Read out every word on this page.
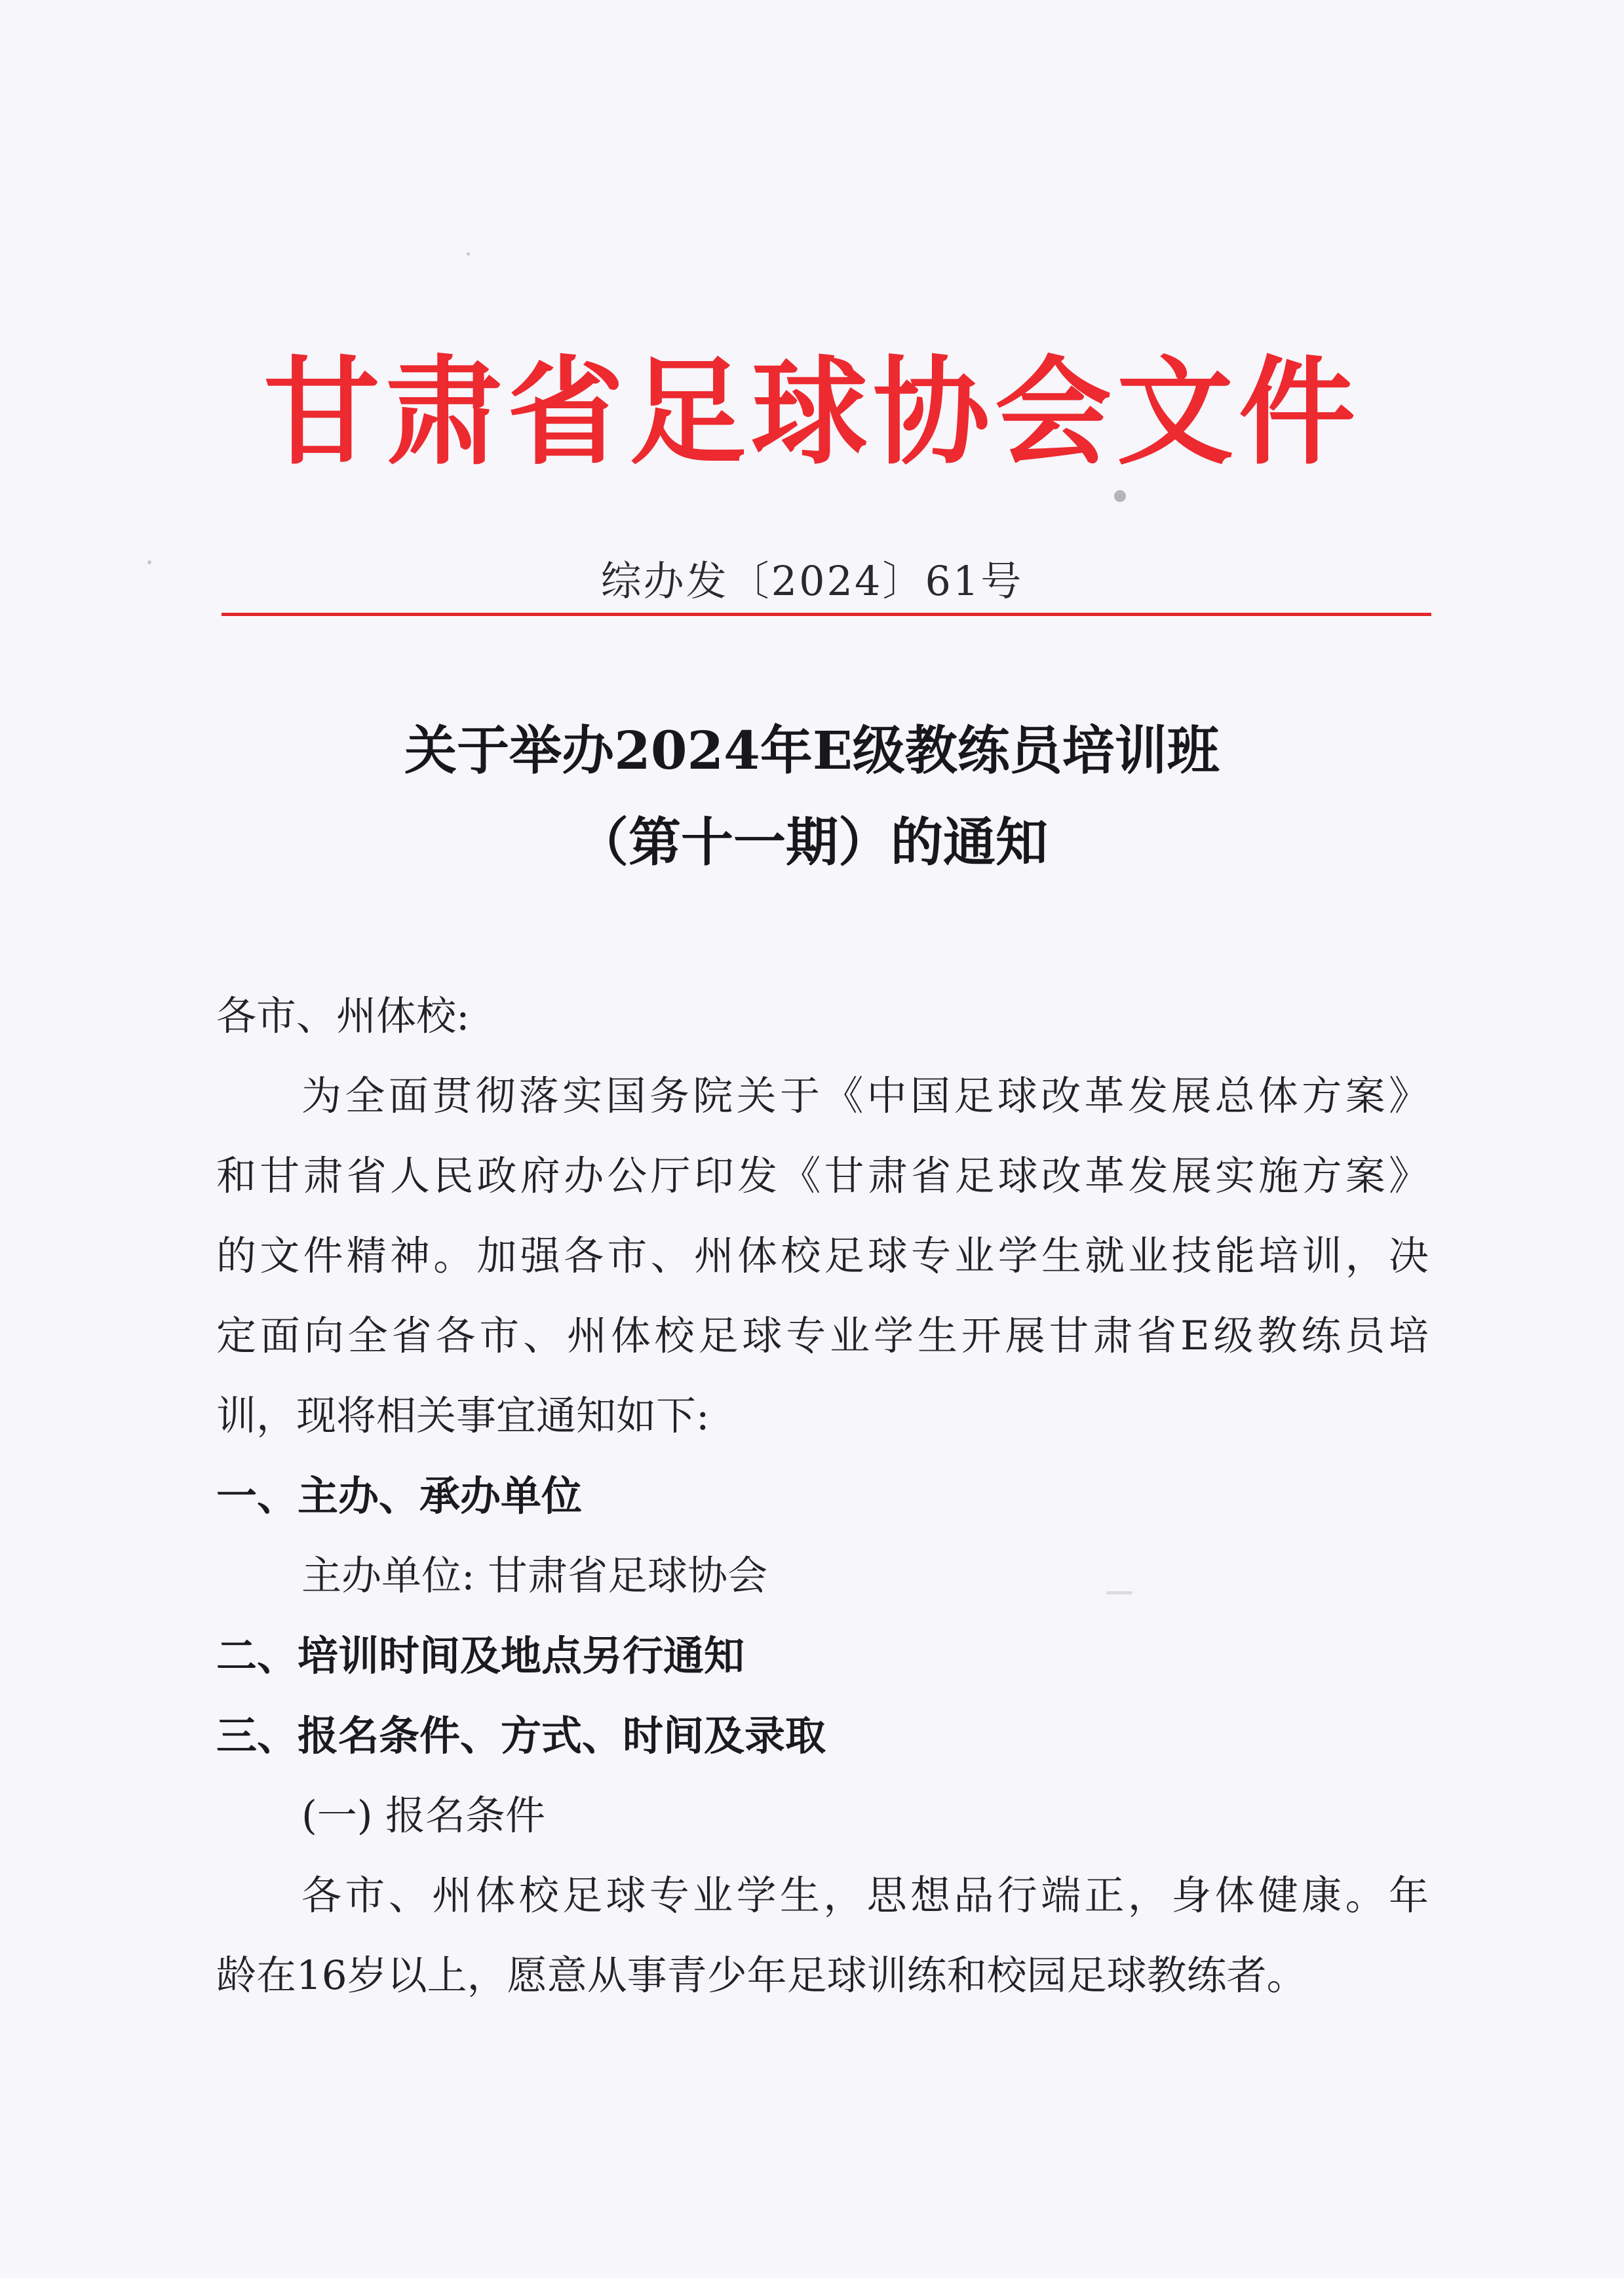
甘肃省足球协会文件
综办发〔2024〕61号
关于举办2024年E级教练员培训班
（第十一期）的通知

各市、州体校:

为全面贯彻落实国务院关于《中国足球改革发展总体方案》

和甘肃省人民政府办公厅印发《甘肃省足球改革发展实施方案》

的文件精神。加强各市、州体校足球专业学生就业技能培训，决

定面向全省各市、州体校足球专业学生开展甘肃省E级教练员培

训，现将相关事宜通知如下:

一、主办、承办单位

主办单位: 甘肃省足球协会

二、培训时间及地点另行通知

三、报名条件、方式、时间及录取

(一) 报名条件

各市、州体校足球专业学生，思想品行端正，身体健康。年

龄在16岁以上，愿意从事青少年足球训练和校园足球教练者。
